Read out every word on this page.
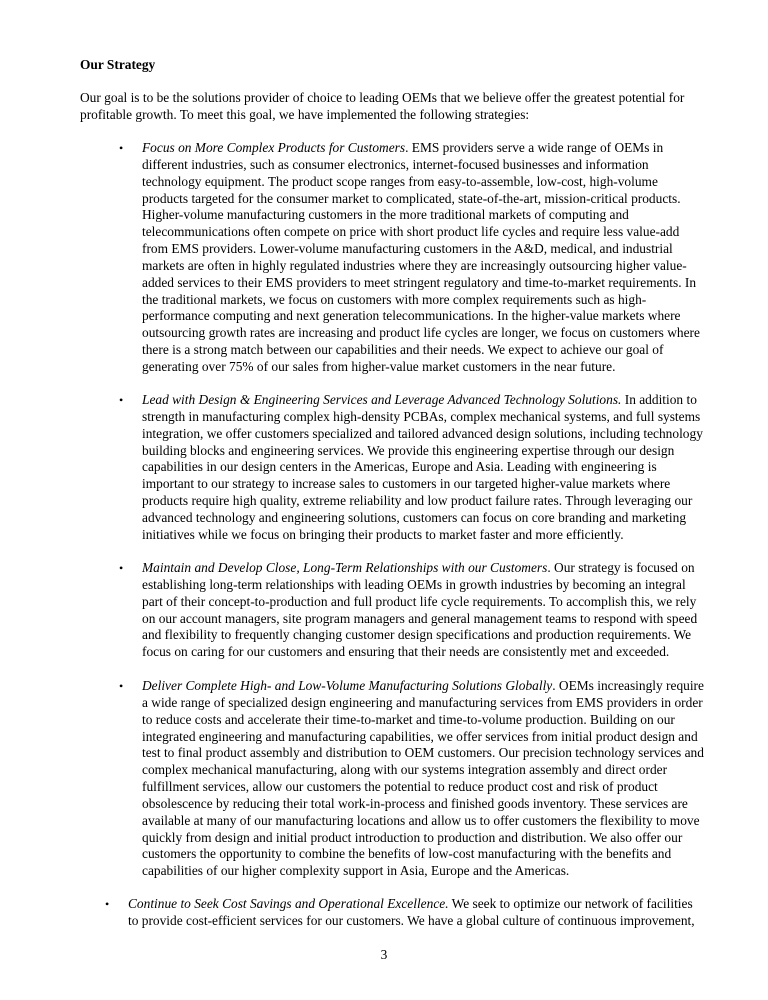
Our Strategy
Our goal is to be the solutions provider of choice to leading OEMs that we believe offer the greatest potential for
profitable growth. To meet this goal, we have implemented the following strategies:
• Focus on More Complex Products for Customers. EMS providers serve a wide range of OEMs in
different industries, such as consumer electronics, internet-focused businesses and information
technology equipment. The product scope ranges from easy-to-assemble, low-cost, high-volume
products targeted for the consumer market to complicated, state-of-the-art, mission-critical products.
Higher-volume manufacturing customers in the more traditional markets of computing and
telecommunications often compete on price with short product life cycles and require less value-add
from EMS providers. Lower-volume manufacturing customers in the A&D, medical, and industrial
markets are often in highly regulated industries where they are increasingly outsourcing higher value-
added services to their EMS providers to meet stringent regulatory and time-to-market requirements. In
the traditional markets, we focus on customers with more complex requirements such as high-
performance computing and next generation telecommunications. In the higher-value markets where
outsourcing growth rates are increasing and product life cycles are longer, we focus on customers where
there is a strong match between our capabilities and their needs. We expect to achieve our goal of
generating over 75% of our sales from higher-value market customers in the near future.
• Lead with Design & Engineering Services and Leverage Advanced Technology Solutions. In addition to
strength in manufacturing complex high-density PCBAs, complex mechanical systems, and full systems
integration, we offer customers specialized and tailored advanced design solutions, including technology
building blocks and engineering services. We provide this engineering expertise through our design
capabilities in our design centers in the Americas, Europe and Asia. Leading with engineering is
important to our strategy to increase sales to customers in our targeted higher-value markets where
products require high quality, extreme reliability and low product failure rates. Through leveraging our
advanced technology and engineering solutions, customers can focus on core branding and marketing
initiatives while we focus on bringing their products to market faster and more efficiently.
• Maintain and Develop Close, Long-Term Relationships with our Customers. Our strategy is focused on
establishing long-term relationships with leading OEMs in growth industries by becoming an integral
part of their concept-to-production and full product life cycle requirements. To accomplish this, we rely
on our account managers, site program managers and general management teams to respond with speed
and flexibility to frequently changing customer design specifications and production requirements. We
focus on caring for our customers and ensuring that their needs are consistently met and exceeded.
• Deliver Complete High- and Low-Volume Manufacturing Solutions Globally. OEMs increasingly require
a wide range of specialized design engineering and manufacturing services from EMS providers in order
to reduce costs and accelerate their time-to-market and time-to-volume production. Building on our
integrated engineering and manufacturing capabilities, we offer services from initial product design and
test to final product assembly and distribution to OEM customers. Our precision technology services and
complex mechanical manufacturing, along with our systems integration assembly and direct order
fulfillment services, allow our customers the potential to reduce product cost and risk of product
obsolescence by reducing their total work-in-process and finished goods inventory. These services are
available at many of our manufacturing locations and allow us to offer customers the flexibility to move
quickly from design and initial product introduction to production and distribution. We also offer our
customers the opportunity to combine the benefits of low-cost manufacturing with the benefits and
capabilities of our higher complexity support in Asia, Europe and the Americas.
• Continue to Seek Cost Savings and Operational Excellence. We seek to optimize our network of facilities
to provide cost-efficient services for our customers. We have a global culture of continuous improvement,
3
